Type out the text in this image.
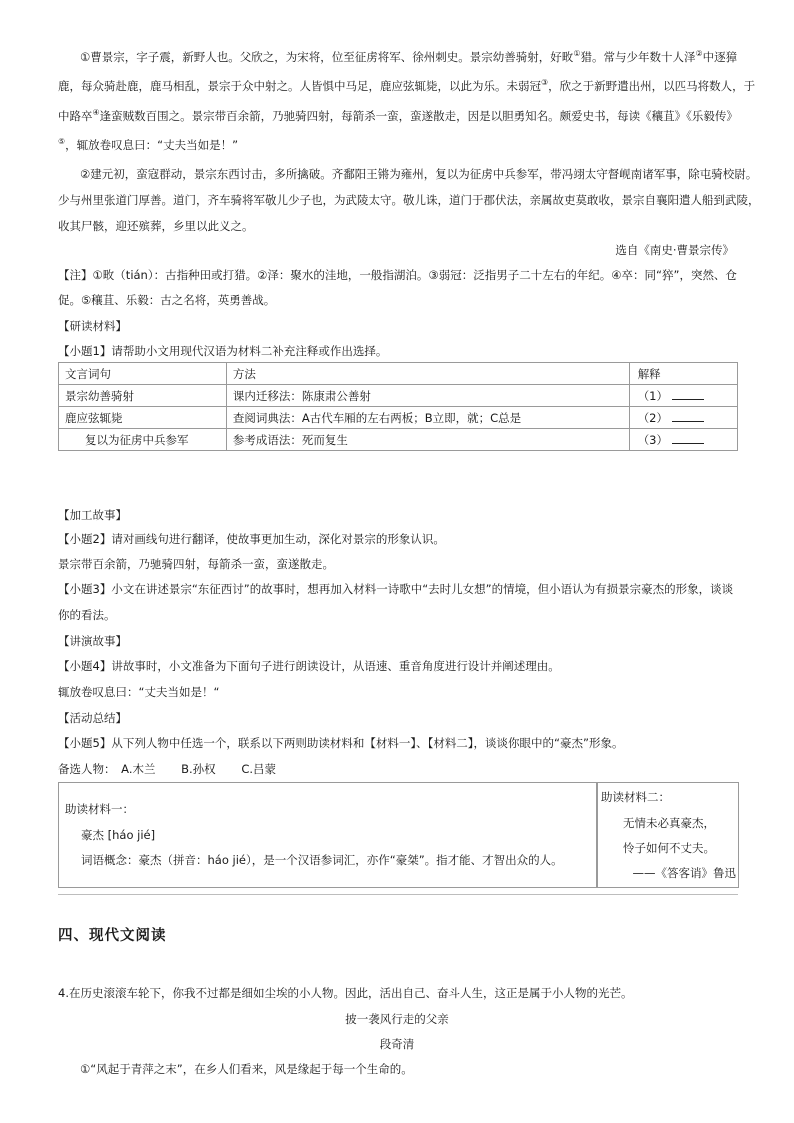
①曹景宗，字子震，新野人也。父欣之，为宋将，位至征虏将军、徐州刺史。景宗幼善骑射，好畋①猎。常与少年数十人泽②中逐獐
鹿，每众骑赴鹿，鹿马相乱，景宗于众中射之。人皆惧中马足，鹿应弦辄毙，以此为乐。未弱冠③，欣之于新野遣出州，以匹马将数人，于
中路卒④逢蛮贼数百围之。景宗带百余箭，乃驰骑四射，每箭杀一蛮，蛮遂散走，因是以胆勇知名。颇爱史书，每读《穰苴》《乐毅传》
⑤，辄放卷叹息曰：“丈夫当如是！”
②建元初，蛮寇群动，景宗东西讨击，多所擒破。齐鄱阳王锵为雍州，复以为征虏中兵参军，带冯翊太守督岘南诸军事，除屯骑校尉。
少与州里张道门厚善。道门，齐车骑将军敬儿少子也，为武陵太守。敬儿诛，道门于郡伏法，亲属故吏莫敢收，景宗自襄阳遣人船到武陵，
收其尸骸，迎还殡葬，乡里以此义之。
选自《南史·曹景宗传》
【注】①畋（tián）：古指种田或打猎。②泽：聚水的洼地，一般指湖泊。③弱冠：泛指男子二十左右的年纪。④卒：同“猝”，突然、仓
促。⑤穰苴、乐毅：古之名将，英勇善战。
【研读材料】
【小题1】请帮助小文用现代汉语为材料二补充注释或作出选择。
文言词句	方法	解释
景宗幼善骑射	课内迁移法：陈康肃公善射	（1）
鹿应弦辄毙	查阅词典法：A古代车厢的左右两板；B立即，就；C总是	（2）
复以为征虏中兵参军	参考成语法：死而复生	（3）
【加工故事】
【小题2】请对画线句进行翻译，使故事更加生动，深化对景宗的形象认识。
景宗带百余箭，乃驰骑四射，每箭杀一蛮，蛮遂散走。
【小题3】小文在讲述景宗“东征西讨”的故事时，想再加入材料一诗歌中“去时儿女想”的情境，但小语认为有损景宗豪杰的形象，谈谈
你的看法。
【讲演故事】
【小题4】讲故事时，小文准备为下面句子进行朗读设计，从语速、重音角度进行设计并阐述理由。
辄放卷叹息曰：“丈夫当如是！“
【活动总结】
【小题5】从下列人物中任选一个，联系以下两则助读材料和【材料一】、【材料二】，谈谈你眼中的“豪杰”形象。
备选人物： A.木兰 B.孙权 C.吕蒙
助读材料一：
豪杰 [háo jié]
词语概念：豪杰（拼音：háo jié），是一个汉语参词汇，亦作“豪桀”。指才能、才智出众的人。
助读材料二：
无情未必真豪杰，
怜子如何不丈夫。
——《答客诮》鲁迅
四、现代文阅读
4.在历史滚滚车轮下，你我不过都是细如尘埃的小人物。因此，活出自己、奋斗人生，这正是属于小人物的光芒。
披一袭风行走的父亲
段奇清
①“风起于青萍之末”，在乡人们看来，风是缘起于每一个生命的。
